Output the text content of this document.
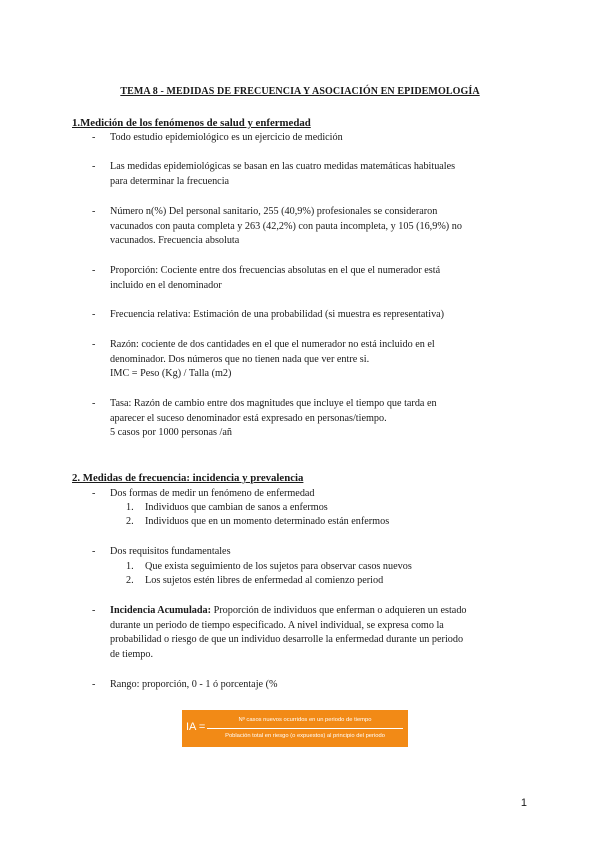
TEMA 8 - MEDIDAS DE FRECUENCIA Y ASOCIACIÓN EN EPIDEMOLOGÍA
1.Medición de los fenómenos de salud y enfermedad
-	Todo estudio epidemiológico es un ejercicio de medición
-	Las medidas epidemiológicas se basan en las cuatro medidas matemáticas habituales
para determinar la frecuencia
-	Número n(%) Del personal sanitario, 255 (40,9%) profesionales se consideraron
vacunados con pauta completa y 263 (42,2%) con pauta incompleta, y 105 (16,9%) no
vacunados. Frecuencia absoluta
-	Proporción: Cociente entre dos frecuencias absolutas en el que el numerador está
incluido en el denominador
-	Frecuencia relativa: Estimación de una probabilidad (si muestra es representativa)
-	Razón: cociente de dos cantidades en el que el numerador no está incluido en el
denominador. Dos números que no tienen nada que ver entre si.
IMC = Peso (Kg) / Talla (m2)
-	Tasa: Razón de cambio entre dos magnitudes que incluye el tiempo que tarda en
aparecer el suceso denominador está expresado en personas/tiempo.
5 casos por 1000 personas /añ
2. Medidas de frecuencia: incidencia y prevalencia
-	Dos formas de medir un fenómeno de enfermedad
1. Individuos que cambian de sanos a enfermos
2. Individuos que en un momento determinado están enfermos
-	Dos requisitos fundamentales
1. Que exista seguimiento de los sujetos para observar casos nuevos
2. Los sujetos estén libres de enfermedad al comienzo period
-	Incidencia Acumulada: Proporción de individuos que enferman o adquieren un estado
durante un periodo de tiempo especificado. A nivel individual, se expresa como la
probabilidad o riesgo de que un individuo desarrolle la enfermedad durante un periodo
de tiempo.
-	Rango: proporción, 0 - 1 ó porcentaje (%
IA =
Nº casos nuevos ocurridos en un periodo de tiempo
Población total en riesgo (o expuestos) al principio del periodo
1
